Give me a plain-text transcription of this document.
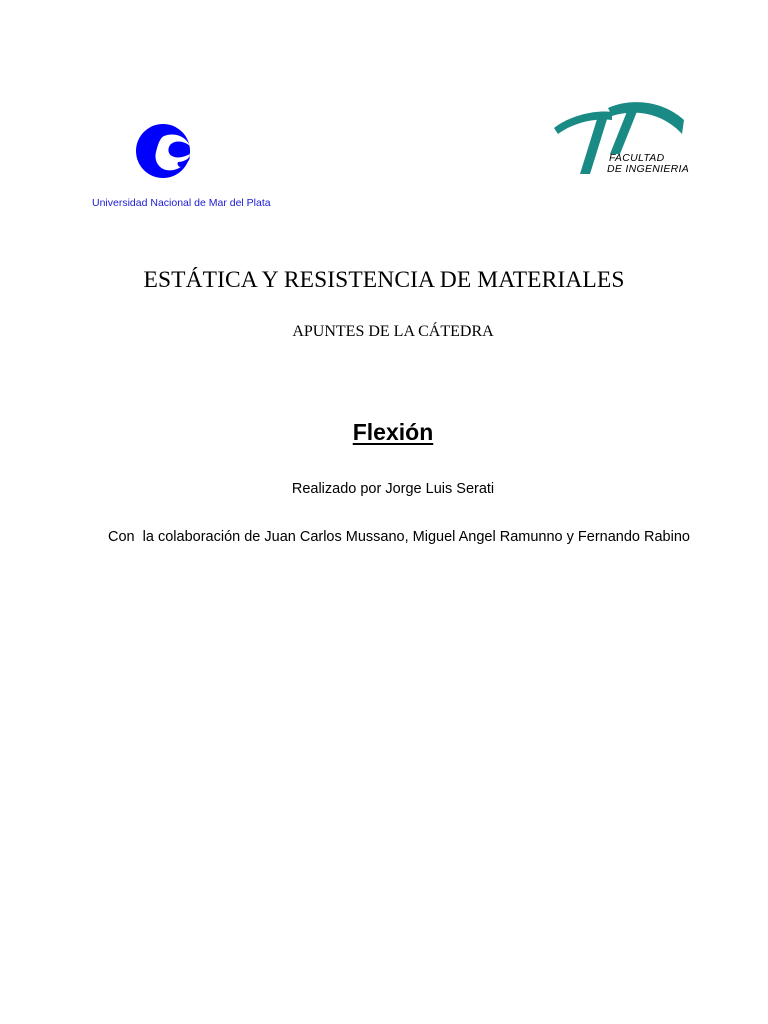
Universidad Nacional de Mar del Plata
FACULTAD
DE INGENIERIA
ESTÁTICA Y RESISTENCIA DE MATERIALES
APUNTES DE LA CÁTEDRA
Flexión
Realizado por Jorge Luis Serati
Con  la colaboración de Juan Carlos Mussano, Miguel Angel Ramunno y Fernando Rabino
